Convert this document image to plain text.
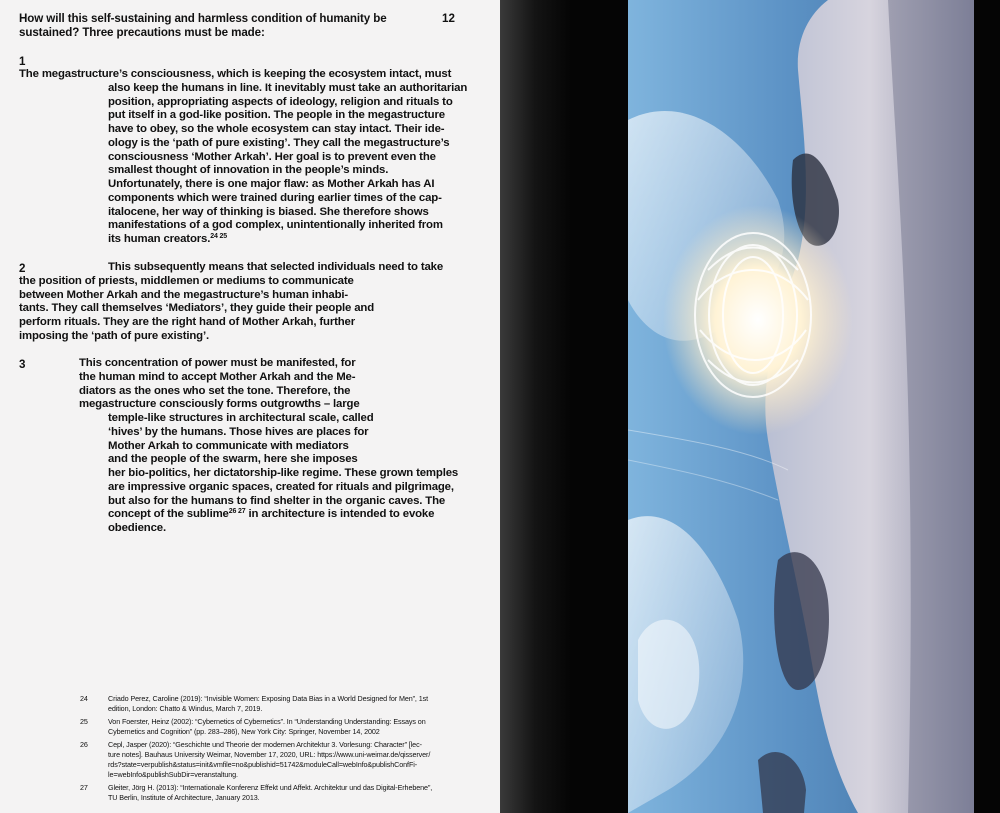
How will this self-sustaining and harmless condition of humanity be sustained? Three precautions must be made:
12
1
The megastructure’s consciousness, which is keeping the ecosystem intact, must
also keep the humans in line. It inevitably must take an authoritarian
position, appropriating aspects of ideology, religion and rituals to
put itself in a god-like position. The people in the megastructure
have to obey, so the whole ecosystem can stay intact. Their ide-
ology is the ‘path of pure existing’. They call the megastructure’s
consciousness ‘Mother Arkah’. Her goal is to prevent even the
smallest thought of innovation in the people’s minds.
Unfortunately, there is one major flaw: as Mother Arkah has AI
components which were trained during earlier times of the cap-
italocene, her way of thinking is biased. She therefore shows
manifestations of a god complex, unintentionally inherited from
its human creators.$^{24 25}$
2	This subsequently means that selected individuals need to take
the position of priests, middlemen or mediums to communicate
between Mother Arkah and the megastructure’s human inhabi-
tants. They call themselves ‘Mediators’, they guide their people and
perform rituals. They are the right hand of Mother Arkah, further
imposing the ‘path of pure existing’.
3	This concentration of power must be manifested, for
the human mind to accept Mother Arkah and the Me-
diators as the ones who set the tone. Therefore, the
megastructure consciously forms outgrowths – large
temple-like structures in architectural scale, called
‘hives’ by the humans. Those hives are places for
Mother Arkah to communicate with mediators
and the people of the swarm, here she imposes
her bio-politics, her dictatorship-like regime. These grown temples
are impressive organic spaces, created for rituals and pilgrimage,
but also for the humans to find shelter in the organic caves. The
concept of the sublime$^{26 27}$ in architecture is intended to evoke
obedience.
24	Criado Perez, Caroline (2019): “Invisible Women: Exposing Data Bias in a World Designed for Men”, 1st
edition, London: Chatto & Windus, March 7, 2019.
25	Von Foerster, Heinz (2002): “Cybernetics of Cybernetics”. In “Understanding Understanding: Essays on
Cybernetics and Cognition” (pp. 283–286), New York City: Springer, November 14, 2002
26	Cepl, Jasper (2020): “Geschichte und Theorie der modernen Architektur 3. Vorlesung: Character” [lec-
ture notes]. Bauhaus University Weimar, November 17, 2020, URL: https://www.uni-weimar.de/qisserver/
rds?state=verpublish&status=init&vmfile=no&publishid=51742&moduleCall=webInfo&publishConfFi-
le=webInfo&publishSubDir=veranstaltung.
27	Gleiter, Jörg H. (2013): “Internationale Konferenz Effekt und Affekt. Architektur und das Digital-Erhebene”,
TU Berlin, Institute of Architecture, January 2013.
